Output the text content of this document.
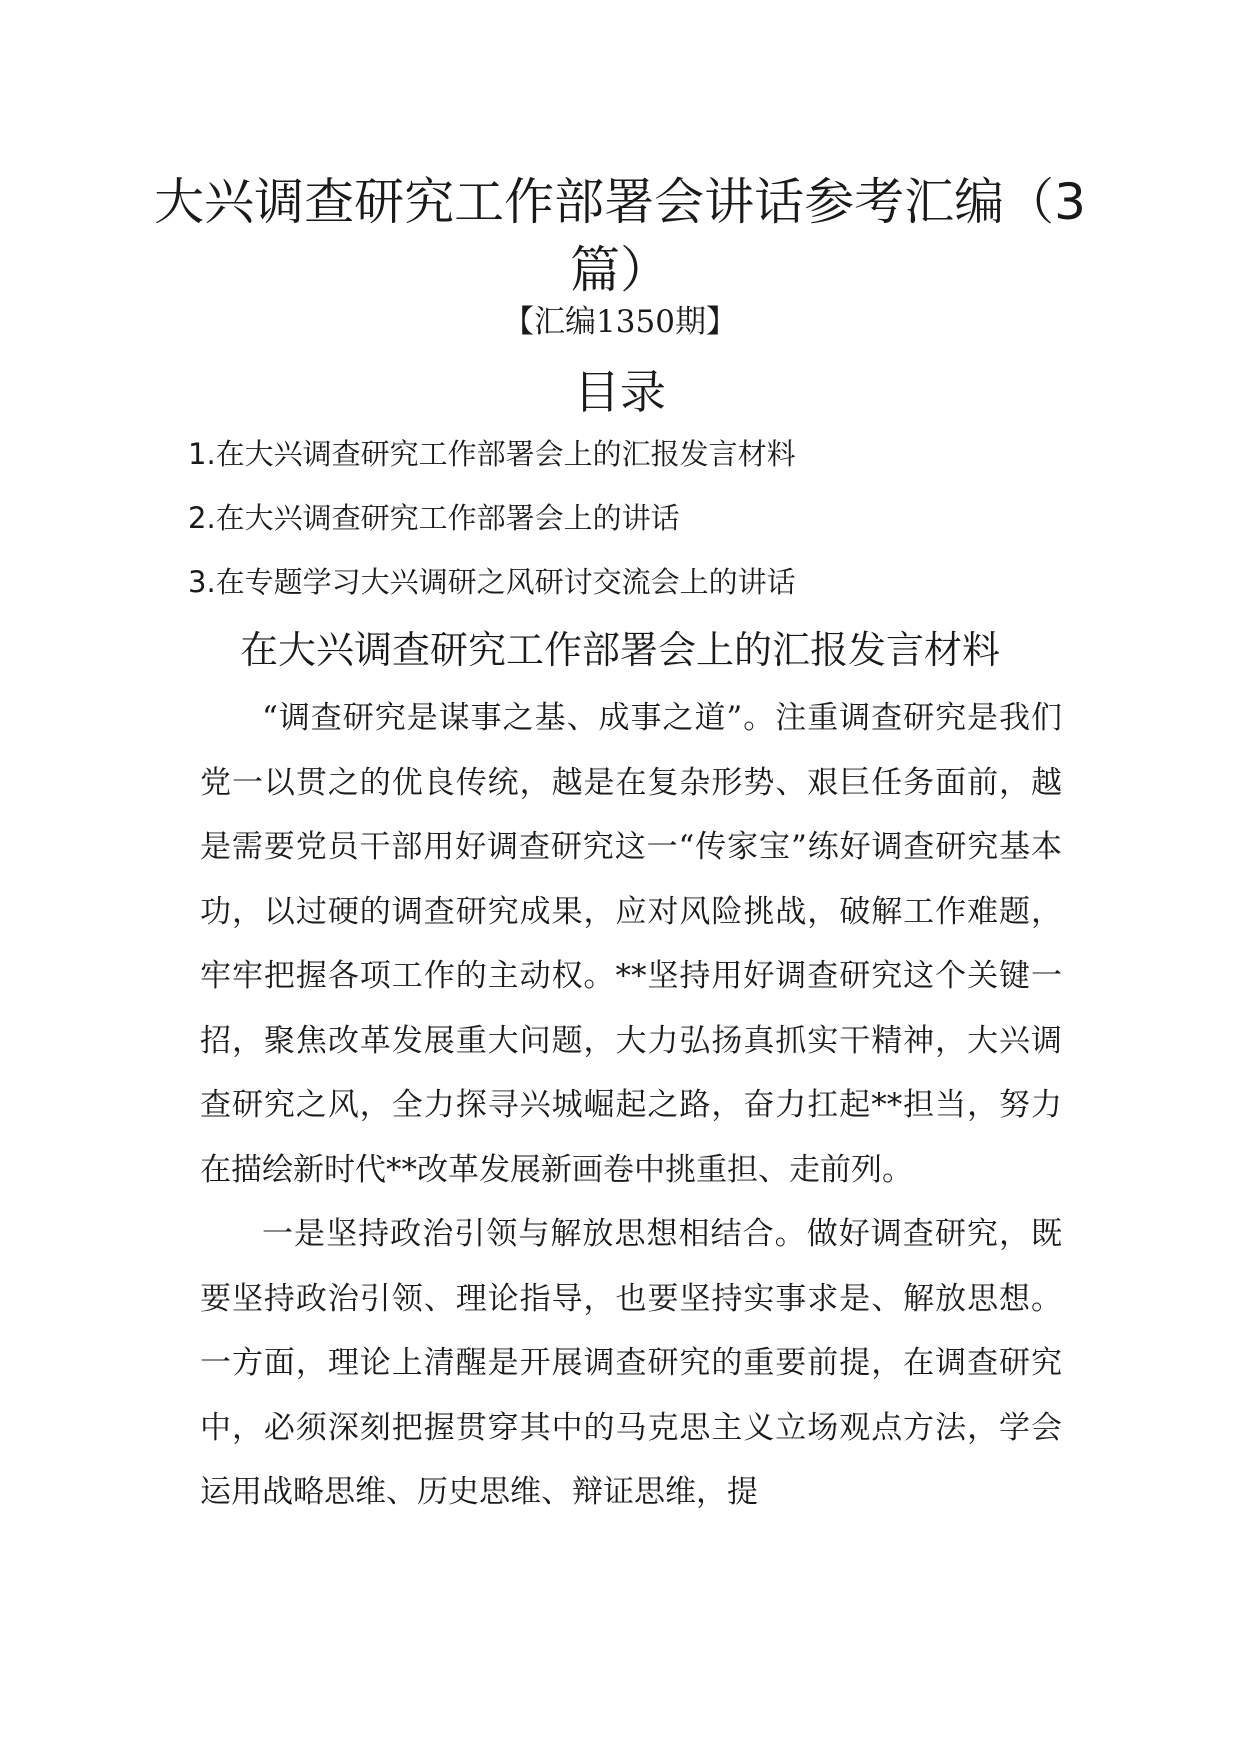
大兴调查研究工作部署会讲话参考汇编（3篇）

【汇编1350期】

目录
1.在大兴调查研究工作部署会上的汇报发言材料
2.在大兴调查研究工作部署会上的讲话
3.在专题学习大兴调研之风研讨交流会上的讲话
在大兴调查研究工作部署会上的汇报发言材料

“调查研究是谋事之基、成事之道”。注重调查研究是我们党一以贯之的优良传统，越是在复杂形势、艰巨任务面前，越是需要党员干部用好调查研究这一“传家宝”练好调查研究基本功，以过硬的调查研究成果，应对风险挑战，破解工作难题，牢牢把握各项工作的主动权。**坚持用好调查研究这个关键一招，聚焦改革发展重大问题，大力弘扬真抓实干精神，大兴调查研究之风，全力探寻兴城崛起之路，奋力扛起**担当，努力在描绘新时代**改革发展新画卷中挑重担、走前列。

一是坚持政治引领与解放思想相结合。做好调查研究，既要坚持政治引领、理论指导，也要坚持实事求是、解放思想。一方面，理论上清醒是开展调查研究的重要前提，在调查研究中，必须深刻把握贯穿其中的马克思主义立场观点方法，学会运用战略思维、历史思维、辩证思维，提
